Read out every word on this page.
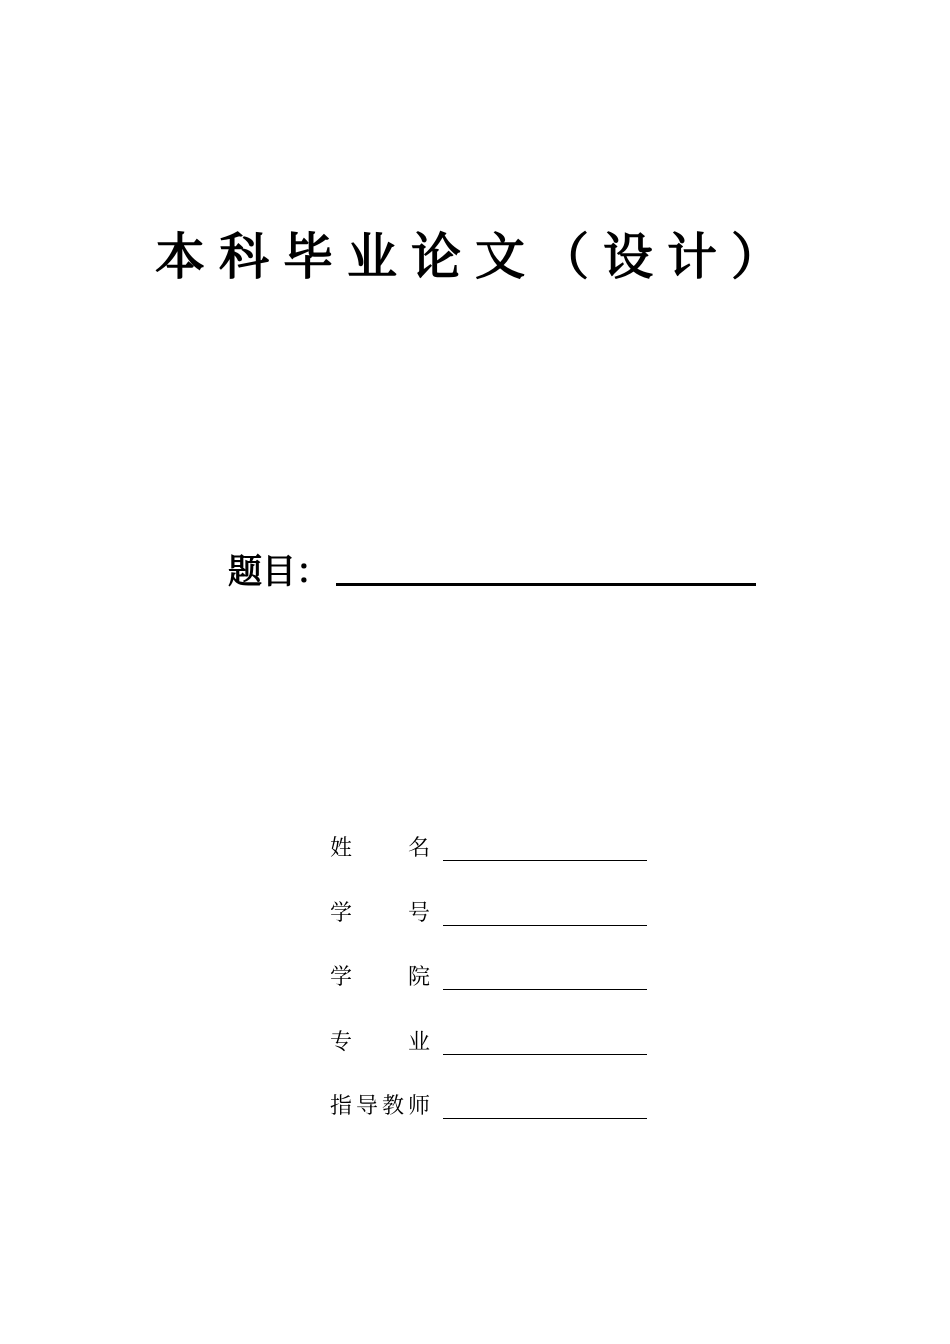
本科毕业论文（设计）
题目：
姓	名
学	号
学	院
专	业
指 导 教 师
